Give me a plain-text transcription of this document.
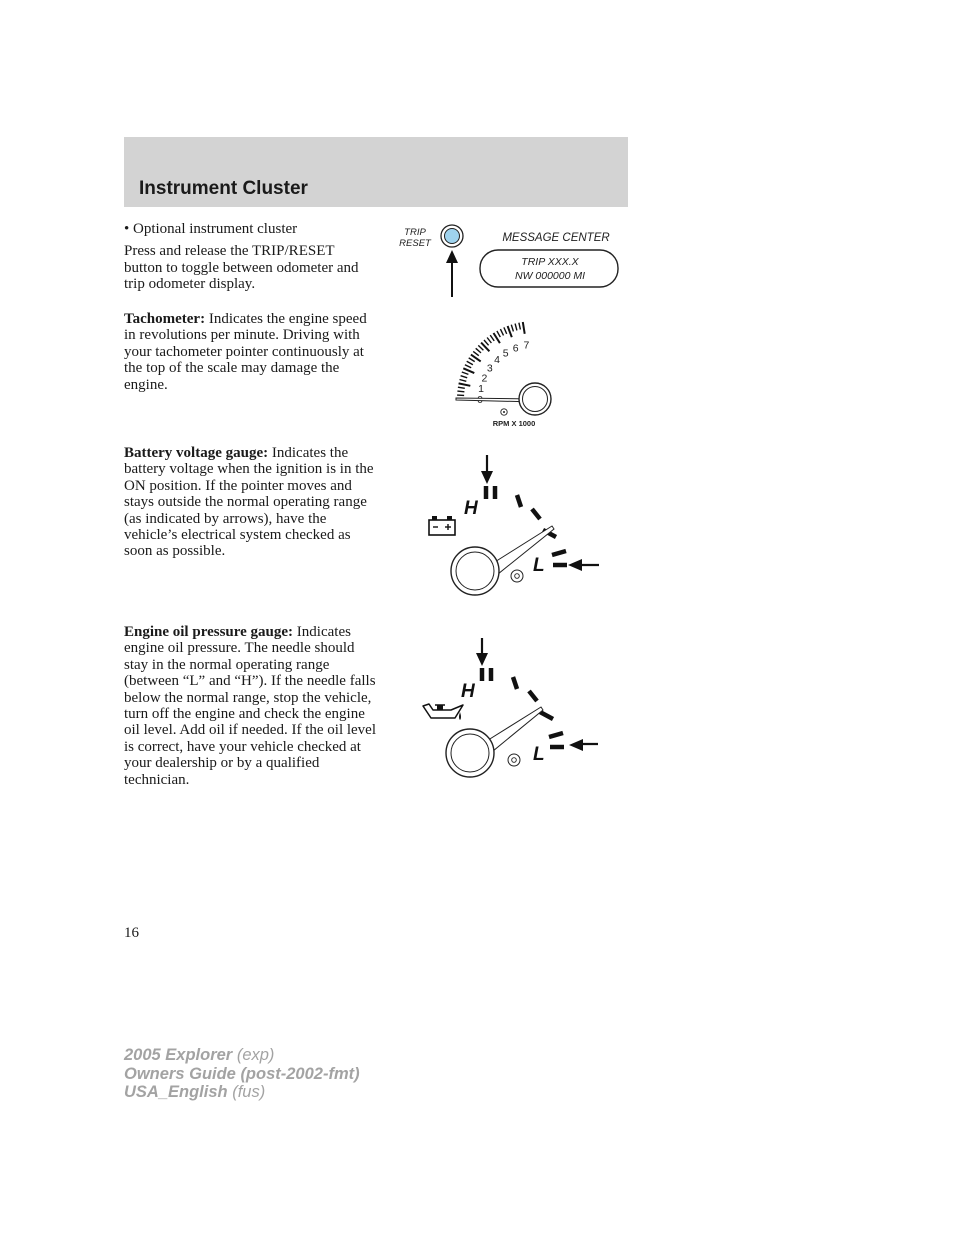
Instrument Cluster

• Optional instrument cluster

Press and release the TRIP/RESET button to toggle between odometer and trip odometer display.

Tachometer: Indicates the engine speed in revolutions per minute. Driving with your tachometer pointer continuously at the top of the scale may damage the engine.

Battery voltage gauge: Indicates the battery voltage when the ignition is in the ON position. If the pointer moves and stays outside the normal operating range (as indicated by arrows), have the vehicle’s electrical system checked as soon as possible.

Engine oil pressure gauge: Indicates engine oil pressure. The needle should stay in the normal operating range (between “L” and “H”). If the needle falls below the normal range, stop the vehicle, turn off the engine and check the engine oil level. Add oil if needed. If the oil level is correct, have your vehicle checked at your dealership or by a qualified technician.

TRIP
RESET	MESSAGE CENTER
TRIP XXX.X
NW 000000 MI
1
2
3
4
5 6 7
RPM X 1000
H
L
H
L
16
2005 Explorer (exp)
Owners Guide (post-2002-fmt)
USA_English (fus)
